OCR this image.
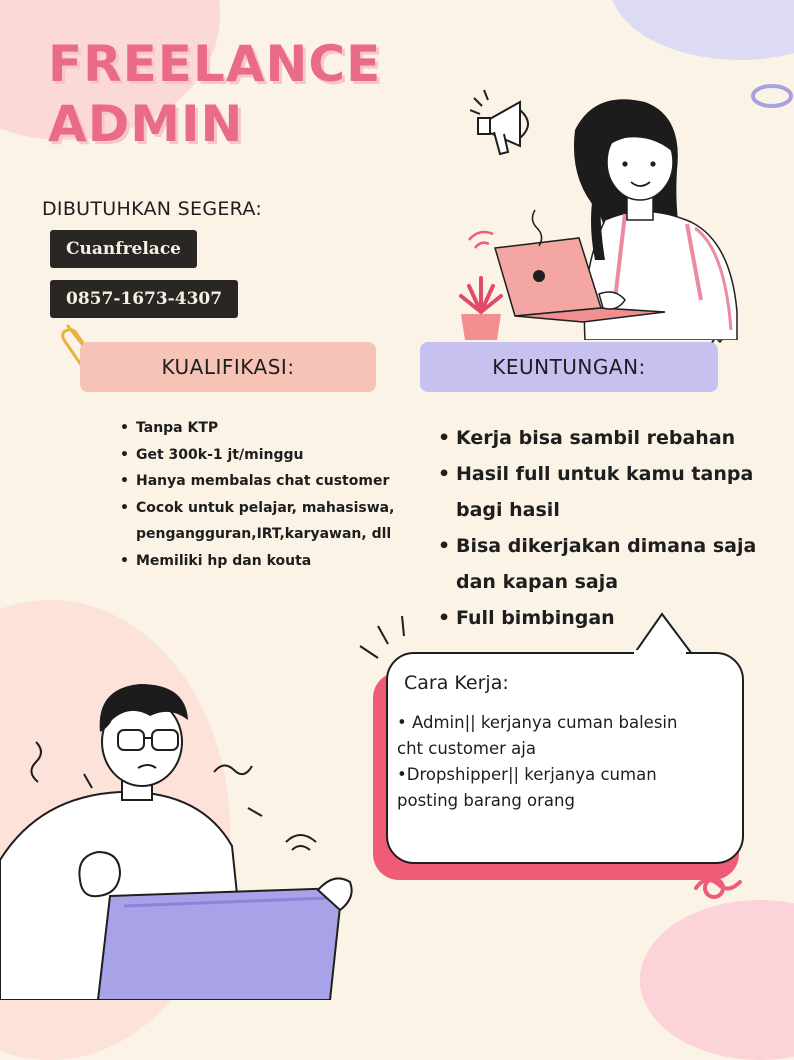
FREELANCE
ADMIN
DIBUTUHKAN SEGERA:
Cuanfrelace
0857-1673-4307
KUALIFIKASI:	KEUNTUNGAN:
• Tanpa KTP
• Get 300k-1 jt/minggu
• Hanya membalas chat customer
• Cocok untuk pelajar, mahasiswa, pengangguran,IRT,karyawan, dll
• Memiliki hp dan kouta
• Kerja bisa sambil rebahan
• Hasil full untuk kamu tanpa bagi hasil
• Bisa dikerjakan dimana saja dan kapan saja
• Full bimbingan
Cara Kerja:
• Admin|| kerjanya cuman balesin
cht customer aja
•Dropshipper|| kerjanya cuman
posting barang orang
